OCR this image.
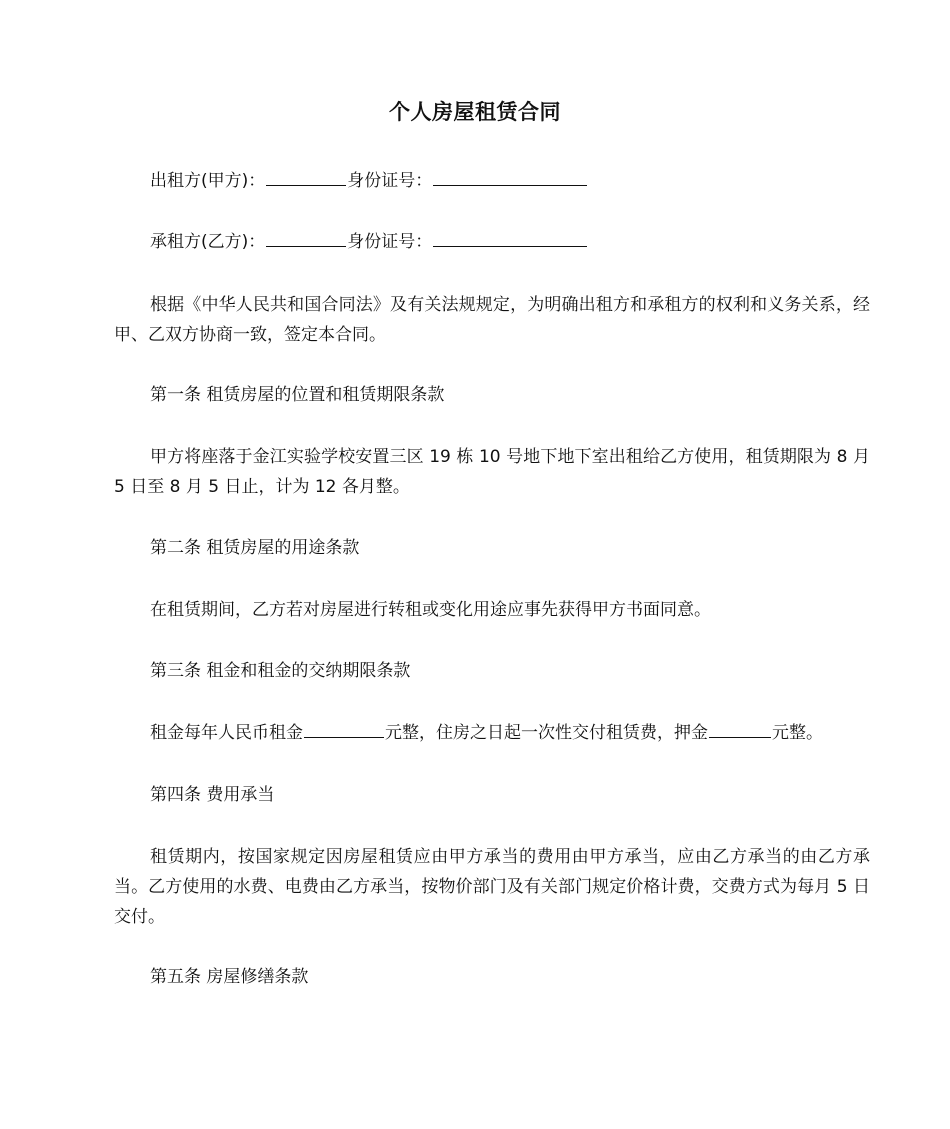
个人房屋租赁合同
出租方(甲方)：	身份证号：
承租方(乙方)：	身份证号：
根据《中华人民共和国合同法》及有关法规规定，为明确出租方和承租方的权利和义务关系，经甲、乙双方协商一致，签定本合同。
第一条 租赁房屋的位置和租赁期限条款
甲方将座落于金江实验学校安置三区 19 栋 10 号地下地下室出租给乙方使用，租赁期限为 8 月 5 日至 8 月 5 日止，计为 12 各月整。
第二条 租赁房屋的用途条款
在租赁期间，乙方若对房屋进行转租或变化用途应事先获得甲方书面同意。
第三条 租金和租金的交纳期限条款
租金每年人民币租金	元整，住房之日起一次性交付租赁费，押金	元整。
第四条 费用承当
租赁期内，按国家规定因房屋租赁应由甲方承当的费用由甲方承当，应由乙方承当的由乙方承当。乙方使用的水费、电费由乙方承当，按物价部门及有关部门规定价格计费，交费方式为每月 5 日交付。
第五条 房屋修缮条款
